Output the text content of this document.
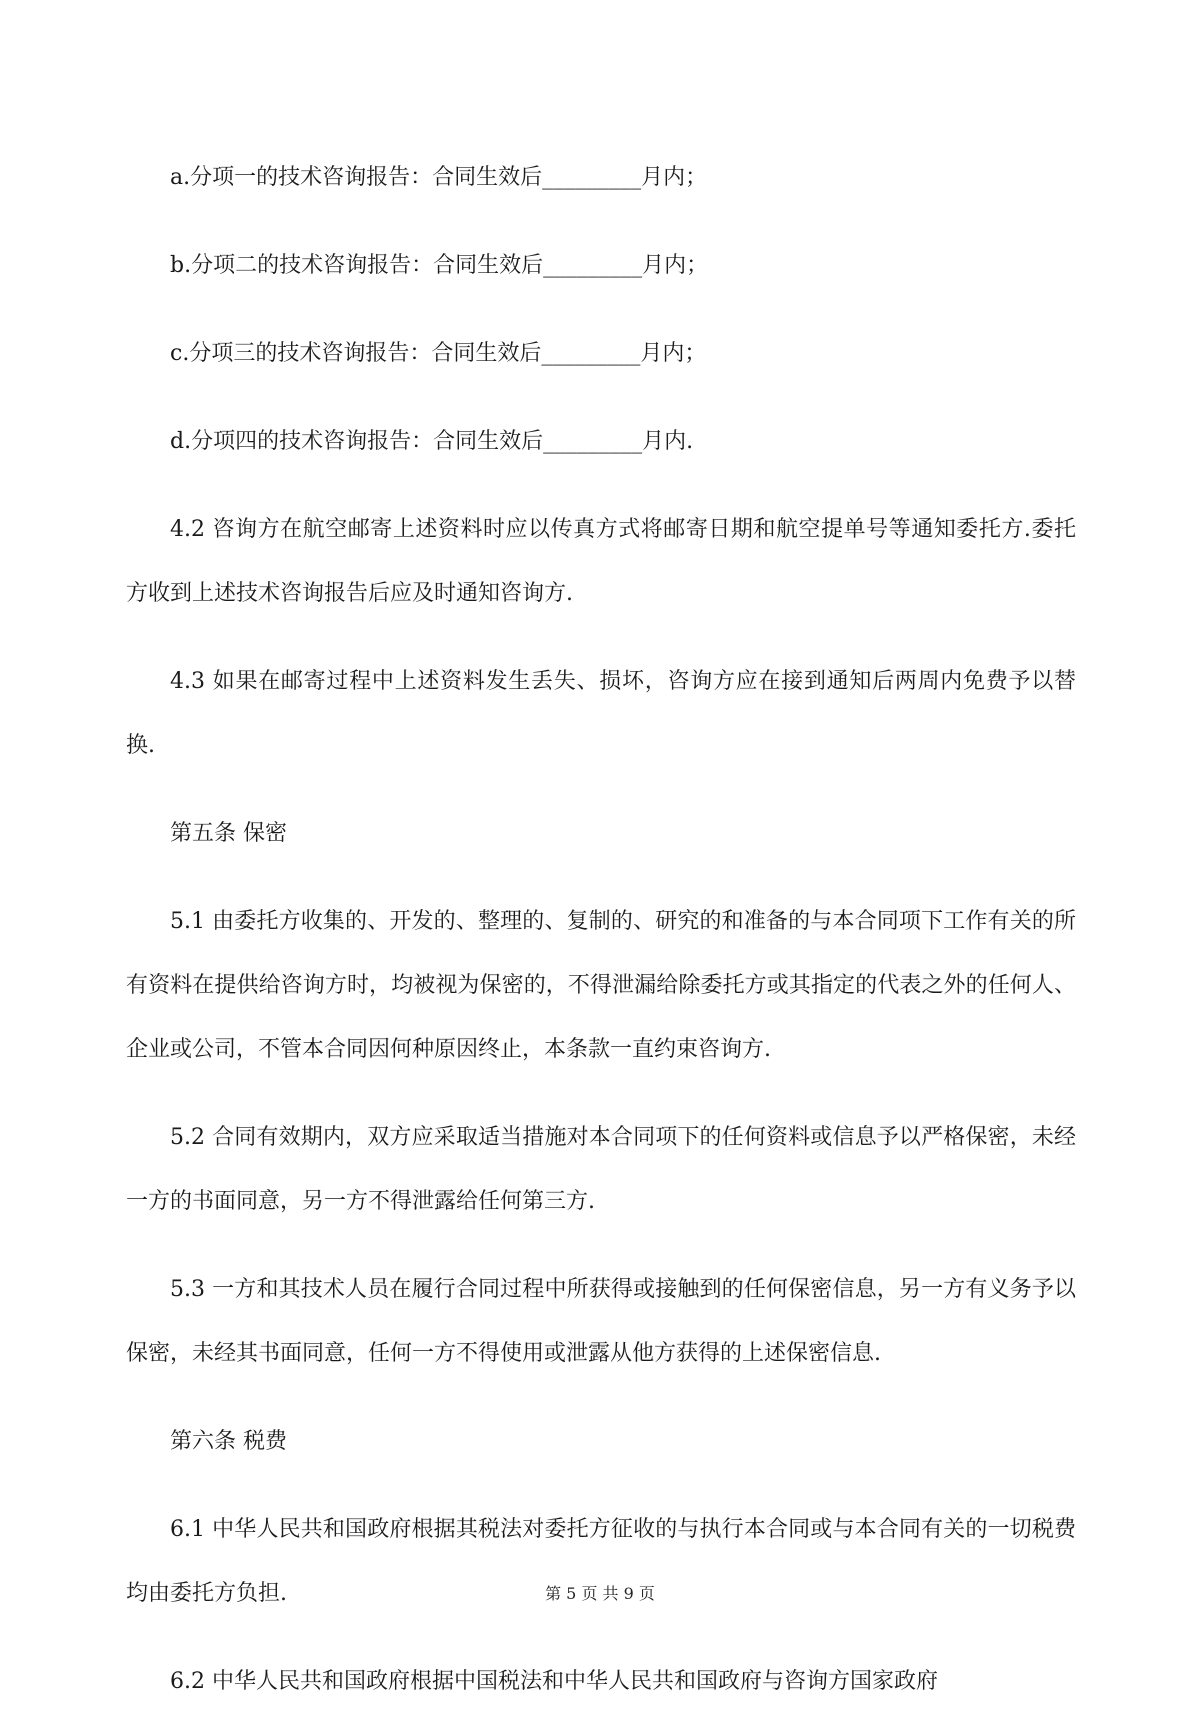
a.分项一的技术咨询报告：合同生效后_________月内；

b.分项二的技术咨询报告：合同生效后_________月内；

c.分项三的技术咨询报告：合同生效后_________月内；

d.分项四的技术咨询报告：合同生效后_________月内.

4.2 咨询方在航空邮寄上述资料时应以传真方式将邮寄日期和航空提单号等通知委托方.委托方收到上述技术咨询报告后应及时通知咨询方.

4.3 如果在邮寄过程中上述资料发生丢失、损坏，咨询方应在接到通知后两周内免费予以替换.

第五条 保密

5.1 由委托方收集的、开发的、整理的、复制的、研究的和准备的与本合同项下工作有关的所有资料在提供给咨询方时，均被视为保密的，不得泄漏给除委托方或其指定的代表之外的任何人、企业或公司，不管本合同因何种原因终止，本条款一直约束咨询方.

5.2 合同有效期内，双方应采取适当措施对本合同项下的任何资料或信息予以严格保密，未经一方的书面同意，另一方不得泄露给任何第三方.

5.3 一方和其技术人员在履行合同过程中所获得或接触到的任何保密信息，另一方有义务予以保密，未经其书面同意，任何一方不得使用或泄露从他方获得的上述保密信息.

第六条 税费

6.1 中华人民共和国政府根据其税法对委托方征收的与执行本合同或与本合同有关的一切税费均由委托方负担.

6.2 中华人民共和国政府根据中国税法和中华人民共和国政府与咨询方国家政府

第 5 页 共 9 页
